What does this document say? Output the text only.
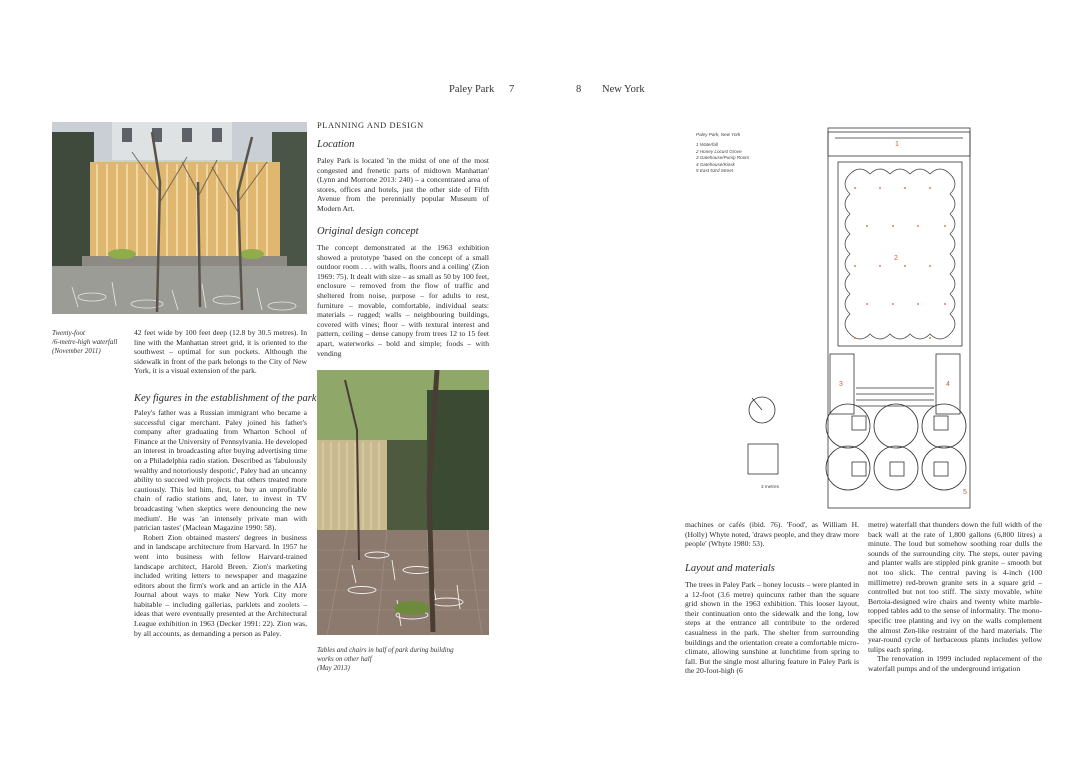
Paley Park 7	8 New York
Twenty-foot
/6-metre-high waterfall
(November 2011)

42 feet wide by 100 feet deep (12.8 by 30.5 metres). In line with the Manhattan street grid, it is oriented to the southwest – optimal for sun pockets. Although the sidewalk in front of the park belongs to the City of New York, it is a visual extension of the park.

Key figures in the establishment of the park

Paley's father was a Russian immigrant who became a successful cigar merchant. Paley joined his father's company after graduating from Wharton School of Finance at the University of Pennsylvania. He developed an interest in broadcasting after buying advertising time on a Philadelphia radio station. Described as 'fabulously wealthy and notoriously despotic', Paley had an uncanny ability to succeed with projects that others treated more cautiously. This led him, first, to buy an unprofitable chain of radio stations and, later, to invest in TV broadcasting 'when skeptics were denouncing the new medium'. He was 'an intensely private man with patrician tastes' (Maclean Magazine 1990: 58).

Robert Zion obtained masters' degrees in business and in landscape architecture from Harvard. In 1957 he went into business with fellow Harvard-trained landscape architect, Harold Breen. Zion's marketing included writing letters to newspaper and magazine editors about the firm's work and an article in the AIA Journal about ways to make New York City more habitable – including gallerias, parklets and zoolets – ideas that were eventually presented at the Architectural League exhibition in 1963 (Decker 1991: 22). Zion was, by all accounts, as demanding a person as Paley.

PLANNING AND DESIGN
Location

Paley Park is located 'in the midst of one of the most congested and frenetic parts of midtown Manhattan' (Lynn and Morrone 2013: 240) – a concentrated area of stores, offices and hotels, just the other side of Fifth Avenue from the perennially popular Museum of Modern Art.

Original design concept

The concept demonstrated at the 1963 exhibition showed a prototype 'based on the concept of a small outdoor room . . . with walls, floors and a ceiling' (Zion 1969: 75). It dealt with size – as small as 50 by 100 feet, enclosure – removed from the flow of traffic and sheltered from noise, purpose – for adults to rest, furniture – movable, comfortable, individual seats: materials – rugged; walls – neighbouring buildings, covered with vines; floor – with textural interest and pattern, ceiling – dense canopy from trees 12 to 15 feet apart, waterworks – bold and simple; foods – with vending

Tables and chairs in half of park during building
works on other half
(May 2013)
Paley Park, New York
1 Waterfall
2 Honey Locust Grove
3 Gatehouse/Pump Room
4 Gatehouse/Kiosk
5 East 53rd Street
1
2
3	4
5
3 metres

machines or cafés (ibid. 76). 'Food', as William H. (Holly) Whyte noted, 'draws people, and they draw more people' (Whyte 1980: 53).

Layout and materials

The trees in Paley Park – honey locusts – were planted in a 12-foot (3.6 metre) quincunx rather than the square grid shown in the 1963 exhibition. This looser layout, their continuation onto the sidewalk and the long, low steps at the entrance all contribute to the ordered casualness in the park. The shelter from surrounding buildings and the orientation create a comfortable micro-climate, allowing sunshine at lunchtime from spring to fall. But the single most alluring feature in Paley Park is the 20-foot-high (6

metre) waterfall that thunders down the full width of the back wall at the rate of 1,800 gallons (6,800 litres) a minute. The loud but somehow soothing roar dulls the sounds of the surrounding city. The steps, outer paving and planter walls are stippled pink granite – smooth but not too slick. The central paving is 4-inch (100 millimetre) red-brown granite sets in a square grid – controlled but not too stiff. The sixty movable, white Bertoia-designed wire chairs and twenty white marble-topped tables add to the sense of informality. The mono-specific tree planting and ivy on the walls complement the almost Zen-like restraint of the hard materials. The year-round cycle of herbaceous plants includes yellow tulips each spring.

The renovation in 1999 included replacement of the waterfall pumps and of the underground irrigation
